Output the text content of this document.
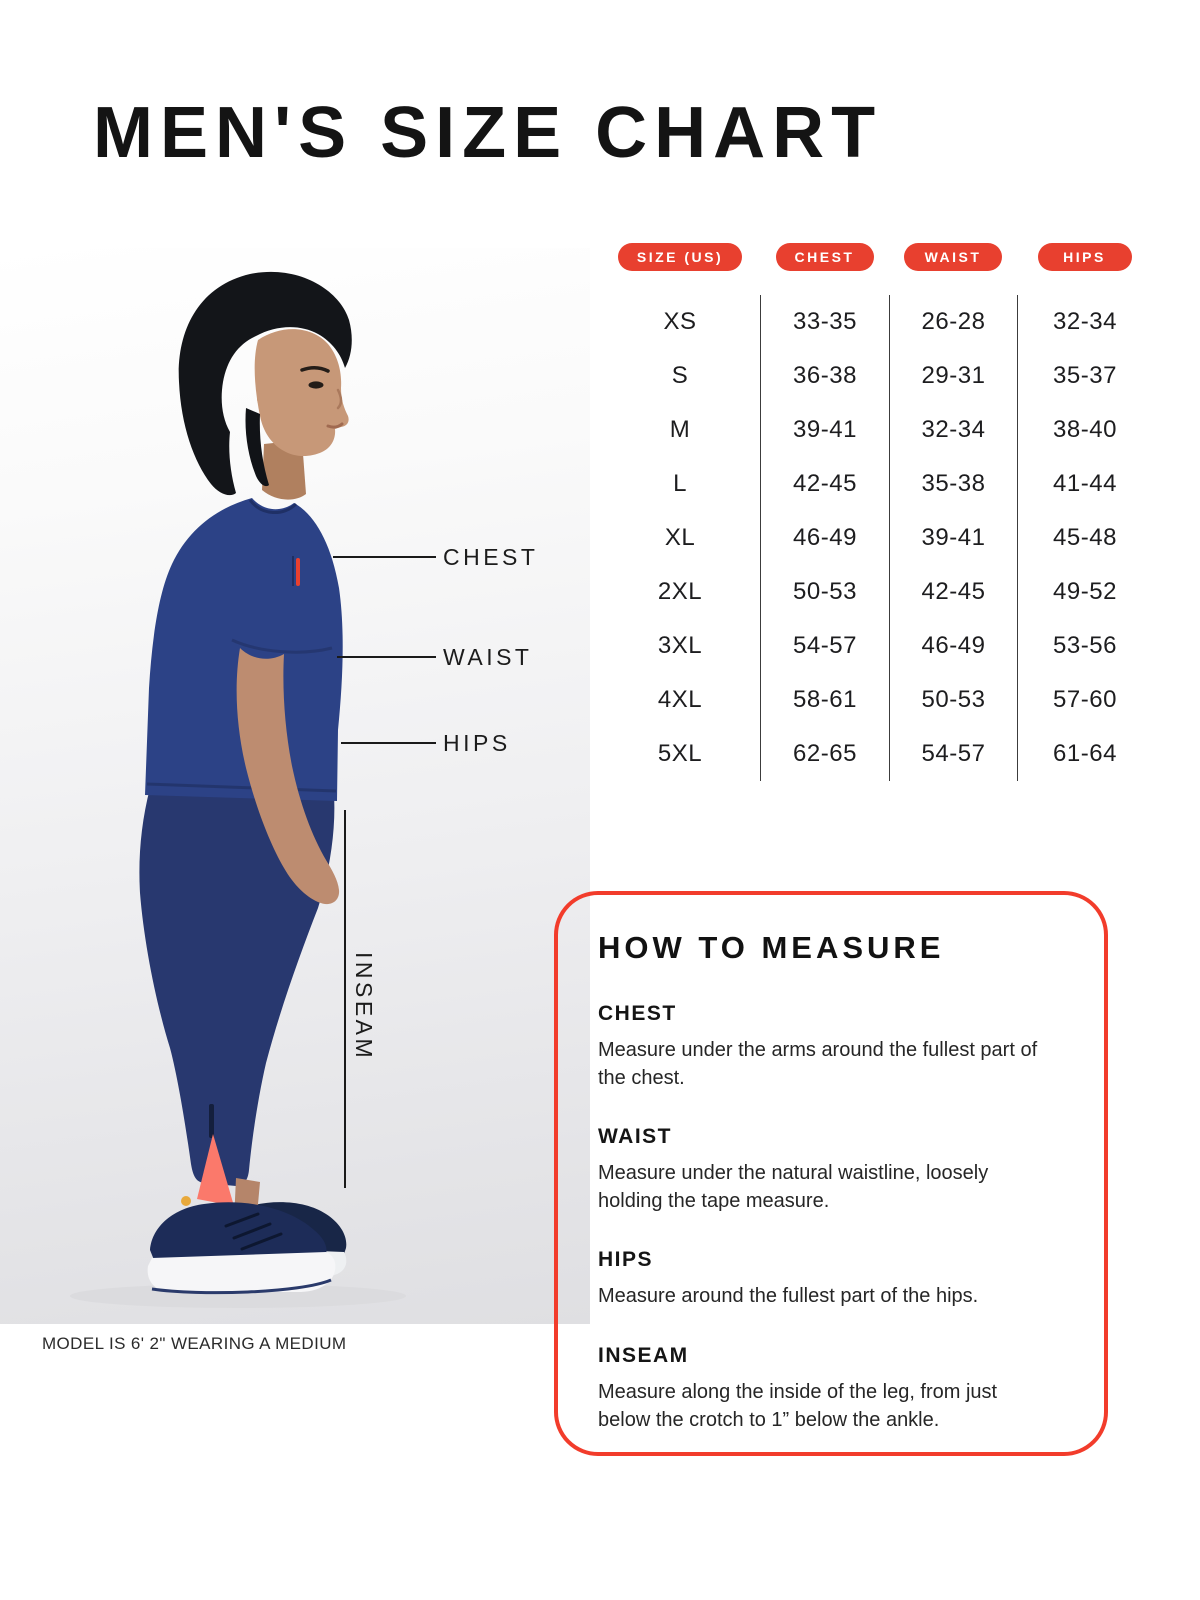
MEN'S SIZE CHART
CHEST
WAIST
HIPS
INSEAM
MODEL IS 6' 2" WEARING A MEDIUM
SIZE (US)	CHEST	WAIST	HIPS
XS	33-35	26-28	32-34
S	36-38	29-31	35-37
M	39-41	32-34	38-40
L	42-45	35-38	41-44
XL	46-49	39-41	45-48
2XL	50-53	42-45	49-52
3XL	54-57	46-49	53-56
4XL	58-61	50-53	57-60
5XL	62-65	54-57	61-64
HOW TO MEASURE
CHEST
Measure under the arms around the fullest part of the chest.
WAIST
Measure under the natural waistline, loosely holding the tape measure.
HIPS
Measure around the fullest part of the hips.
INSEAM
Measure along the inside of the leg, from just below the crotch to 1” below the ankle.
